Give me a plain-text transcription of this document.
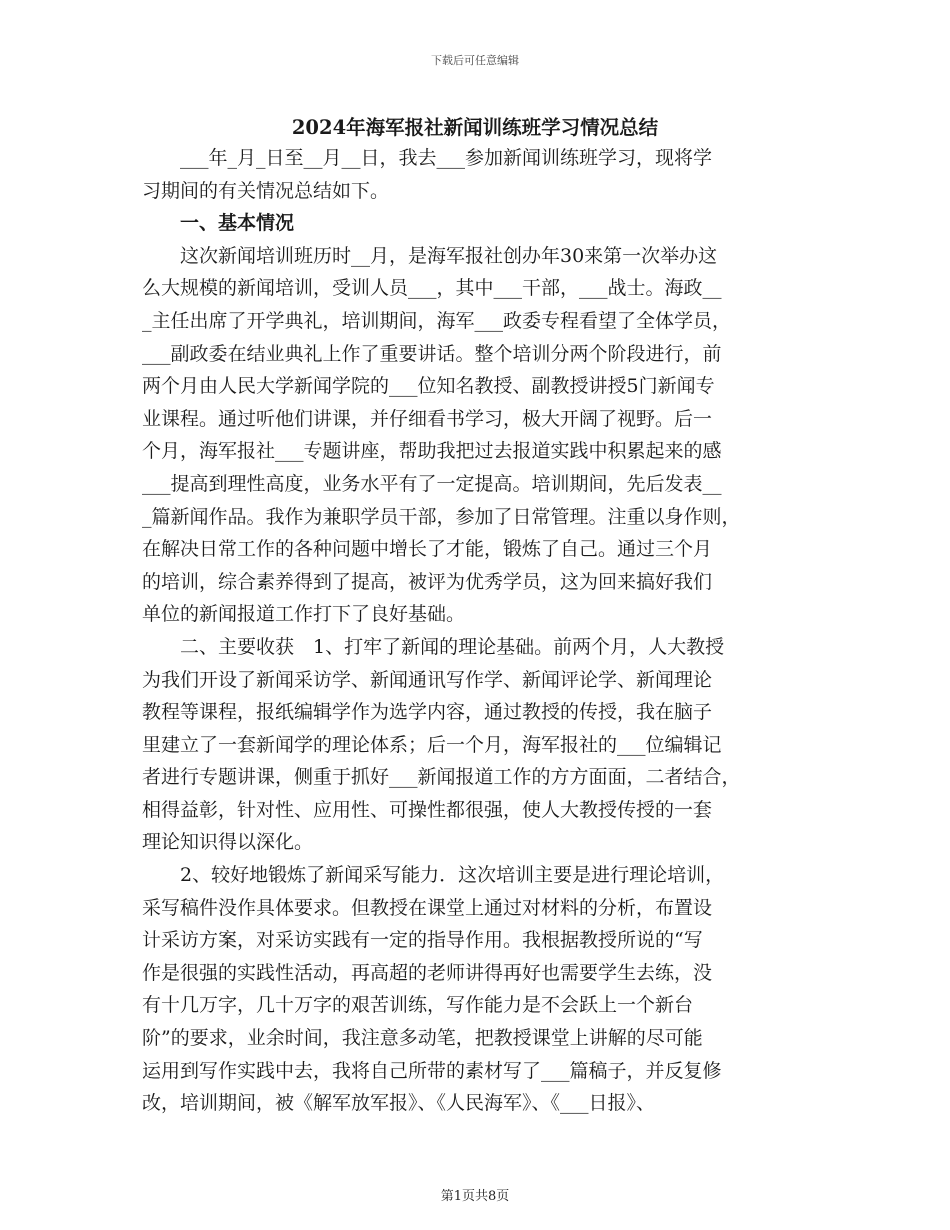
下载后可任意编辑
2024年海军报社新闻训练班学习情况总结
　　___年_月_日至__月__日，我去___参加新闻训练班学习，现将学
习期间的有关情况总结如下。
　　一、基本情况
　　这次新闻培训班历时__月，是海军报社创办年30来第一次举办这
么大规模的新闻培训，受训人员___，其中___干部，___战士。海政__
_主任出席了开学典礼，培训期间，海军___政委专程看望了全体学员，
___副政委在结业典礼上作了重要讲话。整个培训分两个阶段进行，前
两个月由人民大学新闻学院的___位知名教授、副教授讲授5门新闻专
业课程。通过听他们讲课，并仔细看书学习，极大开阔了视野。后一
个月，海军报社___专题讲座，帮助我把过去报道实践中积累起来的感
___提高到理性高度，业务水平有了一定提高。培训期间，先后发表__
_篇新闻作品。我作为兼职学员干部，参加了日常管理。注重以身作则，
在解决日常工作的各种问题中增长了才能，锻炼了自己。通过三个月
的培训，综合素养得到了提高，被评为优秀学员，这为回来搞好我们
单位的新闻报道工作打下了良好基础。
　　二、主要收获　1、打牢了新闻的理论基础。前两个月，人大教授
为我们开设了新闻采访学、新闻通讯写作学、新闻评论学、新闻理论
教程等课程，报纸编辑学作为选学内容，通过教授的传授，我在脑子
里建立了一套新闻学的理论体系；后一个月，海军报社的___位编辑记
者进行专题讲课，侧重于抓好___新闻报道工作的方方面面，二者结合，
相得益彰，针对性、应用性、可操性都很强，使人大教授传授的一套
理论知识得以深化。
　　2、较好地锻炼了新闻采写能力．这次培训主要是进行理论培训，
采写稿件没作具体要求。但教授在课堂上通过对材料的分析，布置设
计采访方案，对采访实践有一定的指导作用。我根据教授所说的“写
作是很强的实践性活动，再高超的老师讲得再好也需要学生去练，没
有十几万字，几十万字的艰苦训练，写作能力是不会跃上一个新台
阶”的要求，业余时间，我注意多动笔，把教授课堂上讲解的尽可能
运用到写作实践中去，我将自己所带的素材写了___篇稿子，并反复修
改，培训期间，被《解军放军报》、《人民海军》、《___日报》、
第1页共8页
